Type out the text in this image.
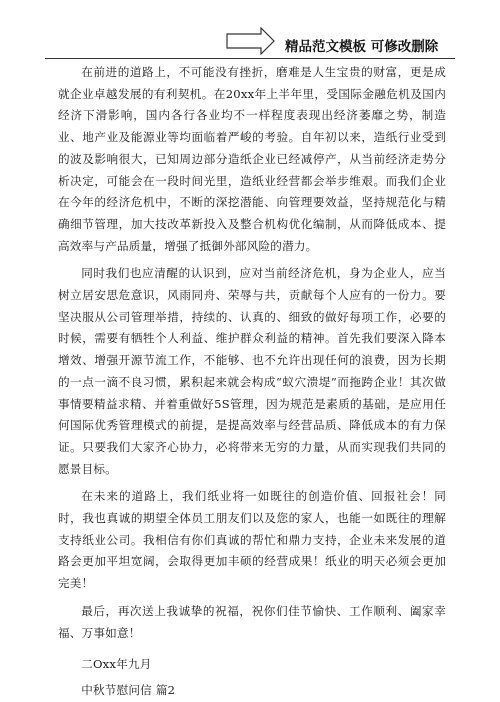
精品范文模板 可修改删除

在前进的道路上，不可能没有挫折，磨难是人生宝贵的财富，更是成就企业卓越发展的有利契机。在20xx年上半年里，受国际金融危机及国内经济下滑影响，国内各行各业均不一样程度表现出经济萎靡之势，制造业、地产业及能源业等均面临着严峻的考验。自年初以来，造纸行业受到的波及影响很大，已知周边部分造纸企业已经减停产，从当前经济走势分析决定，可能会在一段时间光里，造纸业经营都会举步维艰。而我们企业在今年的经济危机中，不断的深挖潜能、向管理要效益，坚持规范化与精确细节管理，加大技改革新投入及整合机构优化编制，从而降低成本、提高效率与产品质量，增强了抵御外部风险的潜力。

同时我们也应清醒的认识到，应对当前经济危机，身为企业人，应当树立居安思危意识，风雨同舟、荣辱与共，贡献每个人应有的一份力。要坚决服从公司管理举措，持续的、认真的、细致的做好每项工作，必要的时候，需要有牺牲个人利益、维护群众利益的精神。首先我们要深入降本增效、增强开源节流工作，不能够、也不允许出现任何的浪费，因为长期的一点一滴不良习惯，累积起来就会构成“蚁穴溃堤”而拖跨企业！其次做事情要精益求精、并着重做好5S管理，因为规范是素质的基础，是应用任何国际优秀管理模式的前提，是提高效率与经营品质、降低成本的有力保证。只要我们大家齐心协力，必将带来无穷的力量，从而实现我们共同的愿景目标。

在未来的道路上，我们纸业将一如既往的创造价值、回报社会！同时，我也真诚的期望全体员工朋友们以及您的家人，也能一如既往的理解支持纸业公司。我相信有你们真诚的帮忙和鼎力支持，企业未来发展的道路会更加平坦宽阔，会取得更加丰硕的经营成果！纸业的明天必须会更加完美！

最后，再次送上我诚挚的祝福，祝你们佳节愉快、工作顺利、阖家幸福、万事如意！

二Oxx年九月
中秋节慰问信 篇2
